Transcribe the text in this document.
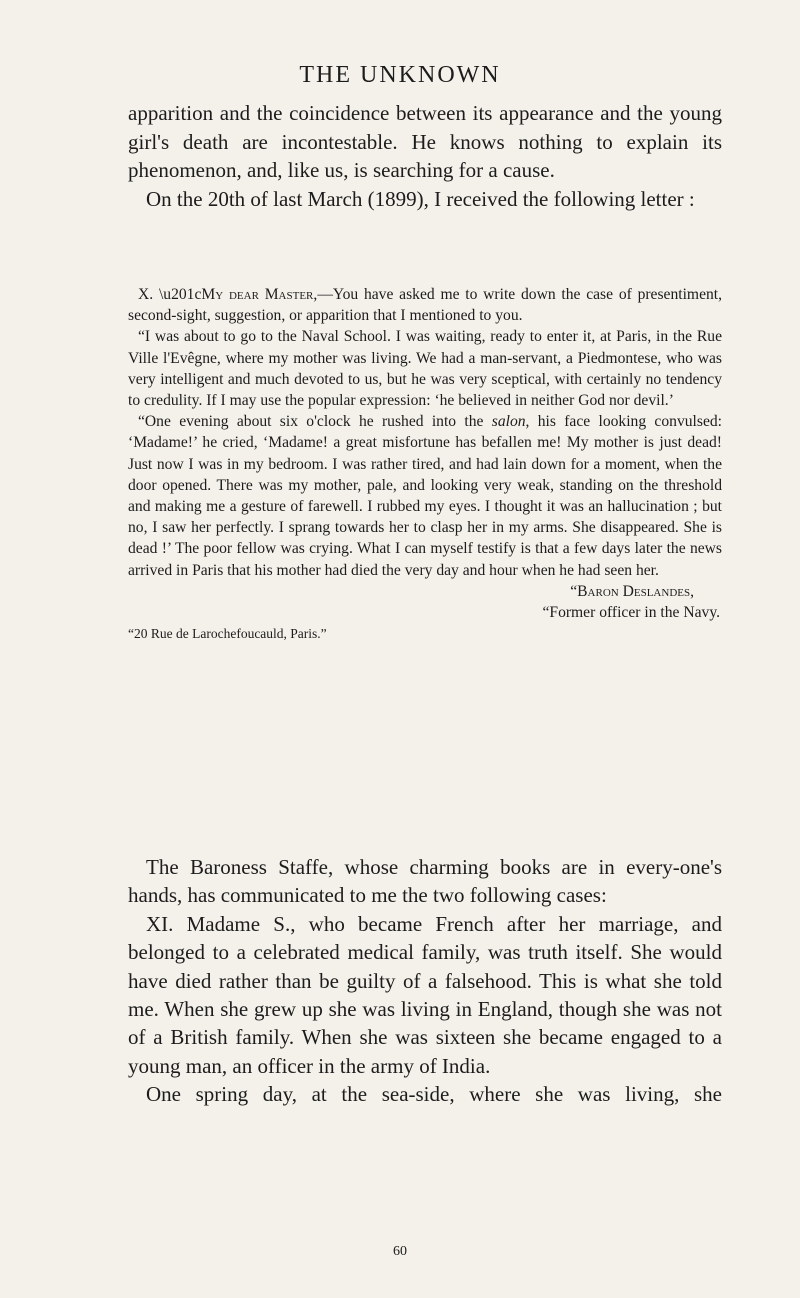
THE UNKNOWN

apparition and the coincidence between its appearance and the young girl's death are incontestable. He knows nothing to explain its phenomenon, and, like us, is searching for a cause.

On the 20th of last March (1899), I received the following letter :

X. \u201cMy dear Master,—You have asked me to write down the case of presentiment, second-sight, suggestion, or apparition that I mentioned to you.

“I was about to go to the Naval School. I was waiting, ready to enter it, at Paris, in the Rue Ville l'Evêgne, where my mother was living. We had a man-servant, a Piedmontese, who was very intelligent and much devoted to us, but he was very sceptical, with certainly no tendency to credulity. If I may use the popular expression: ‘he believed in neither God nor devil.’

“One evening about six o'clock he rushed into the salon, his face looking convulsed: ‘Madame!’ he cried, ‘Madame! a great misfortune has befallen me! My mother is just dead! Just now I was in my bedroom. I was rather tired, and had lain down for a moment, when the door opened. There was my mother, pale, and looking very weak, standing on the threshold and making me a gesture of farewell. I rubbed my eyes. I thought it was an hallucination ; but no, I saw her perfectly. I sprang towards her to clasp her in my arms. She disappeared. She is dead !’ The poor fellow was crying. What I can myself testify is that a few days later the news arrived in Paris that his mother had died the very day and hour when he had seen her.

“Baron Deslandes,

“Former officer in the Navy.

“20 Rue de Larochefoucauld, Paris.”

The Baroness Staffe, whose charming books are in every-one's hands, has communicated to me the two following cases:

XI. Madame S., who became French after her marriage, and belonged to a celebrated medical family, was truth itself. She would have died rather than be guilty of a falsehood. This is what she told me. When she grew up she was living in England, though she was not of a British family. When she was sixteen she became engaged to a young man, an officer in the army of India.

One spring day, at the sea-side, where she was living, she

60
